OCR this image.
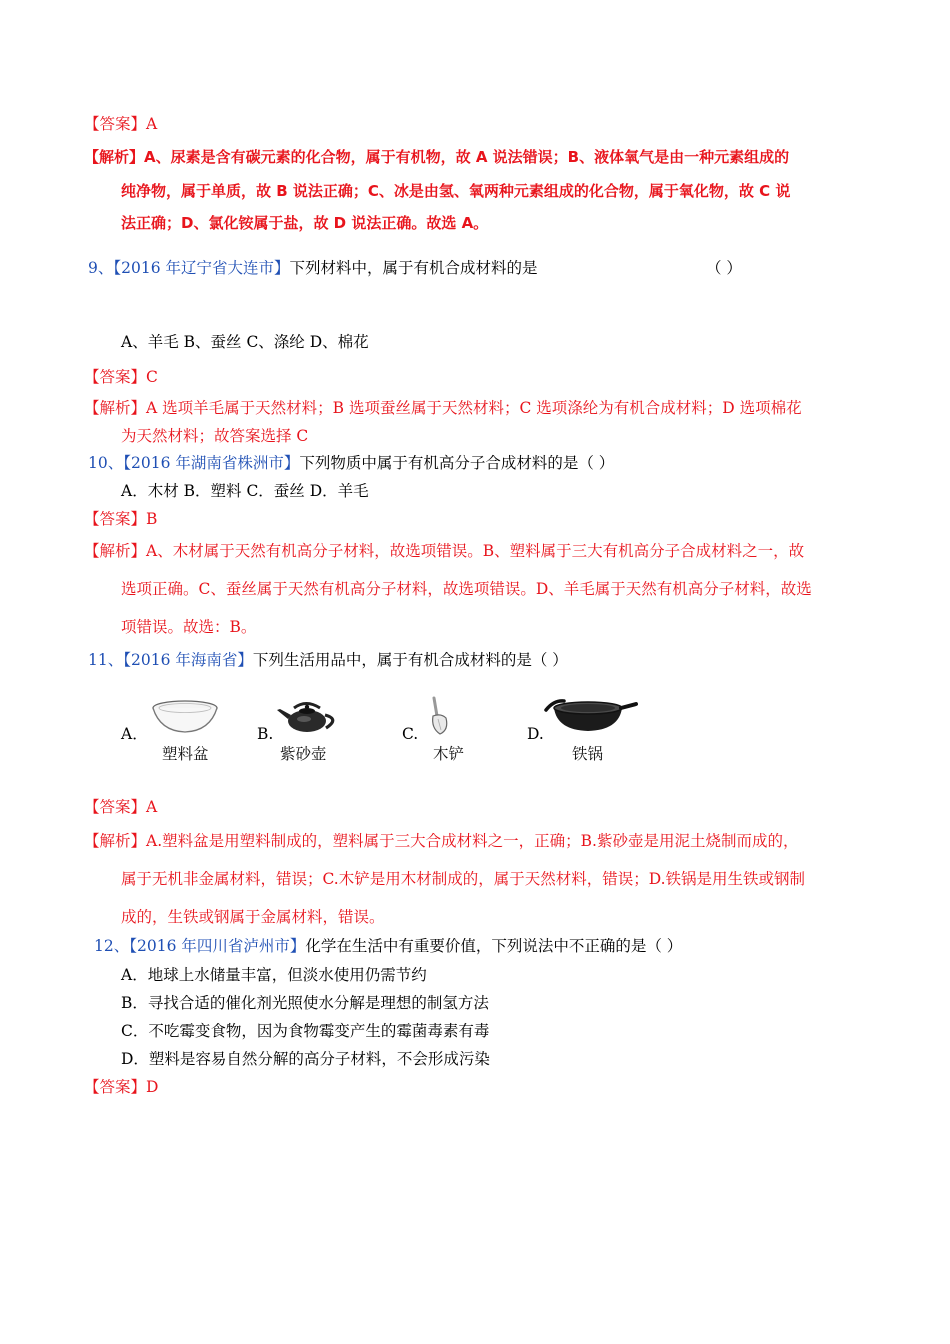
【答案】A
【解析】A、尿素是含有碳元素的化合物，属于有机物，故 A 说法错误；B、液体氧气是由一种元素组成的
纯净物，属于单质，故 B 说法正确；C、冰是由氢、氧两种元素组成的化合物，属于氧化物，故 C 说
法正确；D、氯化铵属于盐，故 D 说法正确。故选 A。
9、【2016 年辽宁省大连市】下列材料中，属于有机合成材料的是	（ ）
A、羊毛 B、蚕丝 C、涤纶 D、棉花
【答案】C
【解析】A 选项羊毛属于天然材料；B 选项蚕丝属于天然材料；C 选项涤纶为有机合成材料；D 选项棉花
为天然材料；故答案选择 C
10、【2016 年湖南省株洲市】下列物质中属于有机高分子合成材料的是（ ）
A．木材 B．塑料 C．蚕丝 D．羊毛
【答案】B
【解析】A、木材属于天然有机高分子材料，故选项错误。B、塑料属于三大有机高分子合成材料之一，故
选项正确。C、蚕丝属于天然有机高分子材料，故选项错误。D、羊毛属于天然有机高分子材料，故选
项错误。故选：B。
11、【2016 年海南省】下列生活用品中，属于有机合成材料的是（ ）
A．
塑料盆
B.
紫砂壶
C.
木铲
D.
铁锅
【答案】A
【解析】A.塑料盆是用塑料制成的，塑料属于三大合成材料之一，正确；B.紫砂壶是用泥土烧制而成的，
属于无机非金属材料，错误；C.木铲是用木材制成的，属于天然材料，错误；D.铁锅是用生铁或钢制
成的，生铁或钢属于金属材料，错误。
12、【2016 年四川省泸州市】化学在生活中有重要价值，下列说法中不正确的是（ ）
A．地球上水储量丰富，但淡水使用仍需节约
B．寻找合适的催化剂光照使水分解是理想的制氢方法
C．不吃霉变食物，因为食物霉变产生的霉菌毒素有毒
D．塑料是容易自然分解的高分子材料，不会形成污染
【答案】D
